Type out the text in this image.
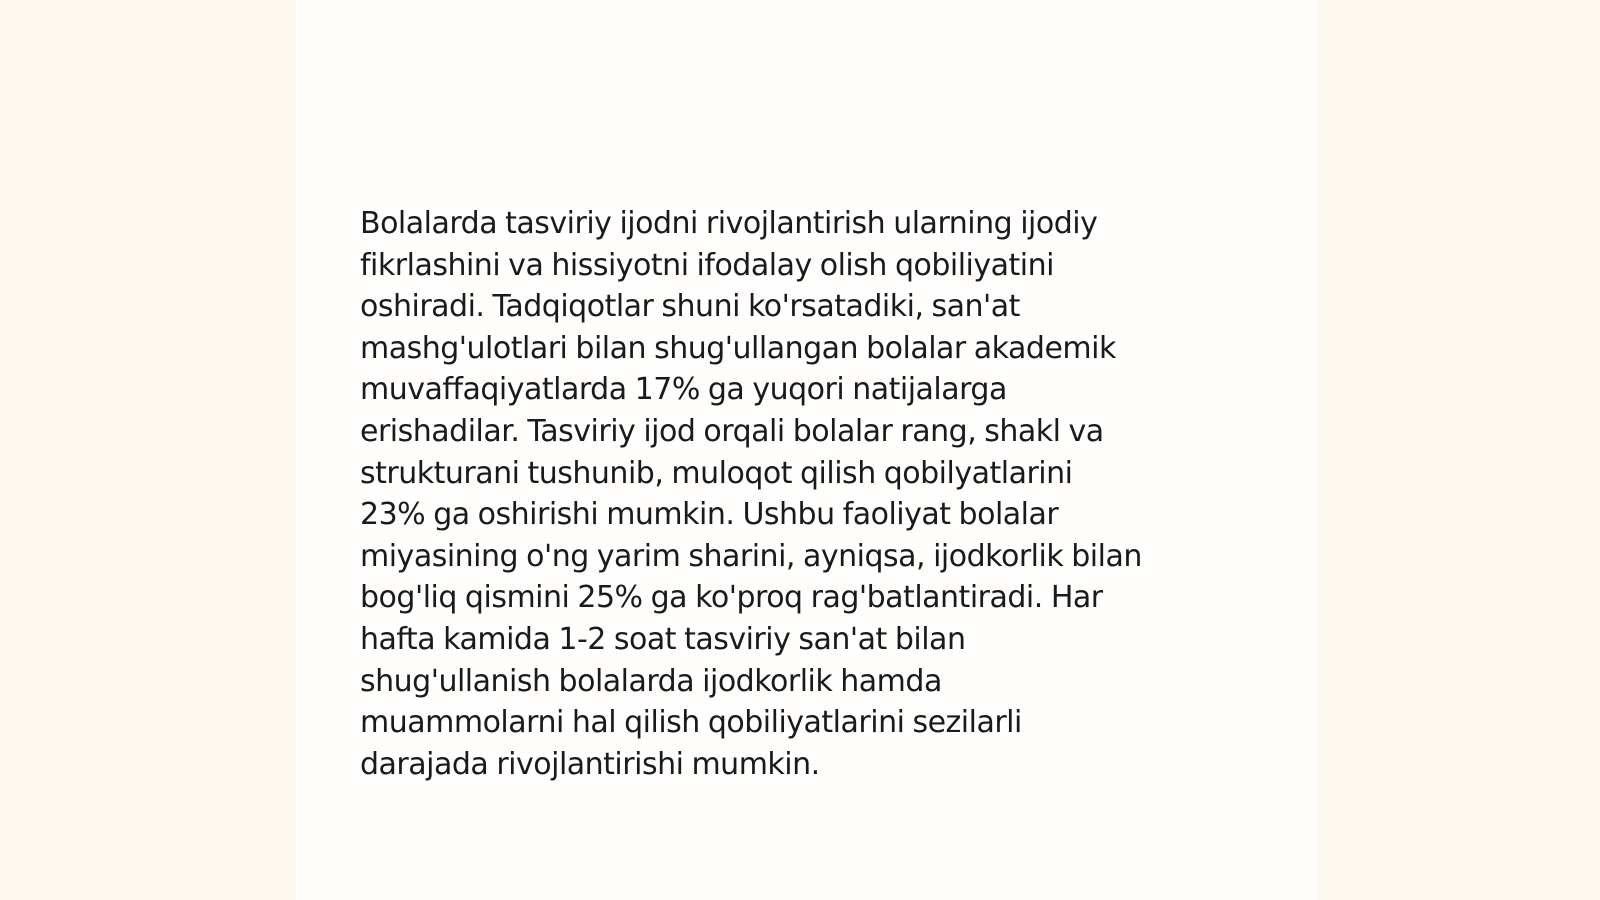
Bolalarda tasviriy ijodni rivojlantirish ularning ijodiy
fikrlashini va hissiyotni ifodalay olish qobiliyatini
oshiradi. Tadqiqotlar shuni ko'rsatadiki, san'at
mashg'ulotlari bilan shug'ullangan bolalar akademik
muvaffaqiyatlarda 17% ga yuqori natijalarga
erishadilar. Tasviriy ijod orqali bolalar rang, shakl va
strukturani tushunib, muloqot qilish qobilyatlarini
23% ga oshirishi mumkin. Ushbu faoliyat bolalar
miyasining o'ng yarim sharini, ayniqsa, ijodkorlik bilan
bog'liq qismini 25% ga ko'proq rag'batlantiradi. Har
hafta kamida 1-2 soat tasviriy san'at bilan
shug'ullanish bolalarda ijodkorlik hamda
muammolarni hal qilish qobiliyatlarini sezilarli
darajada rivojlantirishi mumkin.
